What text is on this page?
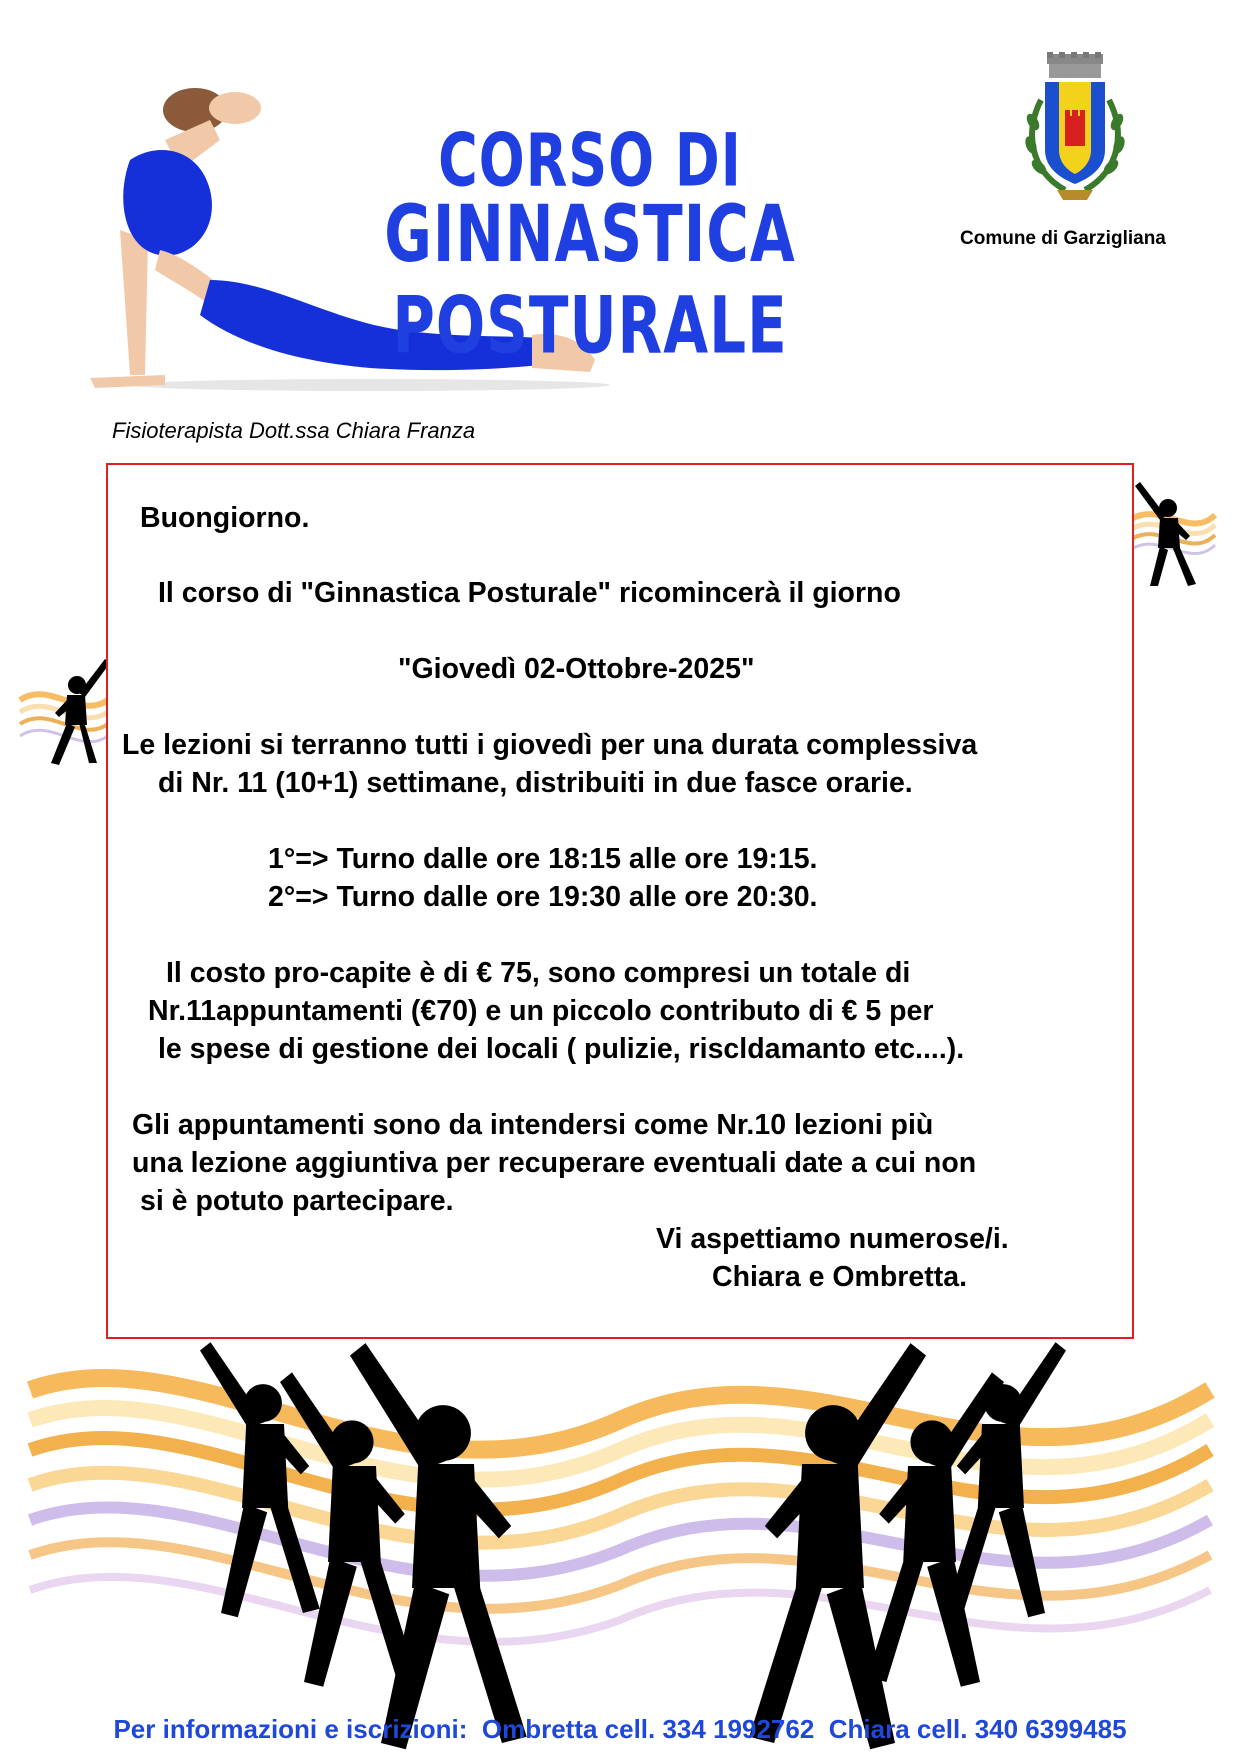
CORSO DI
GINNASTICA POSTURALE
Comune di Garzigliana
Fisioterapista Dott.ssa Chiara Franza
Buongiorno.
Il corso di "Ginnastica Posturale" ricomincerà il giorno
"Giovedì 02-Ottobre-2025"
Le lezioni si terranno tutti i giovedì per una durata complessiva
di Nr. 11 (10+1) settimane, distribuiti in due fasce orarie.
1°=> Turno dalle ore 18:15 alle ore 19:15.
2°=> Turno dalle ore 19:30 alle ore 20:30.
Il costo pro-capite è di € 75, sono compresi un totale di
Nr.11appuntamenti (€70) e un piccolo contributo di € 5 per
le spese di gestione dei locali ( pulizie, riscldamanto etc....).
Gli appuntamenti sono da intendersi come Nr.10 lezioni più
una lezione aggiuntiva per recuperare eventuali date a cui non
si è potuto partecipare.
Vi aspettiamo numerose/i.
Chiara e Ombretta.
Per informazioni e iscrizioni:  Ombretta cell. 334 1992762  Chiara cell. 340 6399485
